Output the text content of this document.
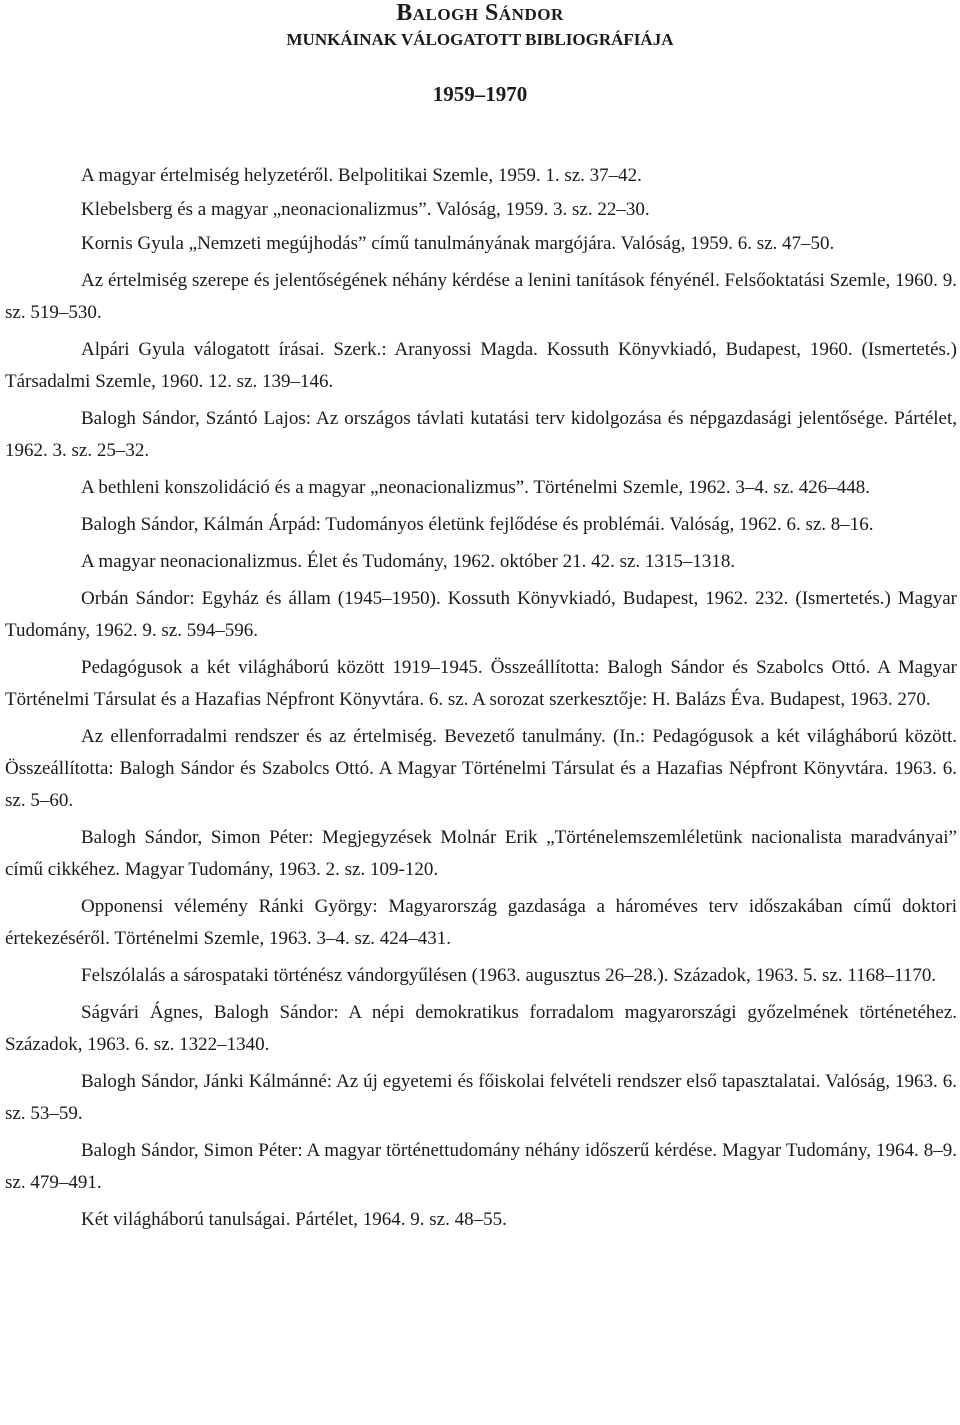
Balogh Sándor
MUNKÁINAK VÁLOGATOTT BIBLIOGRÁFIÁJA
1959–1970

A magyar értelmiség helyzetéről. Belpolitikai Szemle, 1959. 1. sz. 37–42.

Klebelsberg és a magyar „neonacionalizmus”. Valóság, 1959. 3. sz. 22–30.

Kornis Gyula „Nemzeti megújhodás” című tanulmányának margójára. Valóság, 1959. 6. sz. 47–50.

Az értelmiség szerepe és jelentőségének néhány kérdése a lenini tanítások fényénél. Felsőoktatási Szemle, 1960. 9. sz. 519–530.

Alpári Gyula válogatott írásai. Szerk.: Aranyossi Magda. Kossuth Könyvkiadó, Budapest, 1960. (Ismertetés.) Társadalmi Szemle, 1960. 12. sz. 139–146.

Balogh Sándor, Szántó Lajos: Az országos távlati kutatási terv kidolgozása és népgazdasági jelentősége. Pártélet, 1962. 3. sz. 25–32.

A bethleni konszolidáció és a magyar „neonacionalizmus”. Történelmi Szemle, 1962. 3–4. sz. 426–448.

Balogh Sándor, Kálmán Árpád: Tudományos életünk fejlődése és problémái. Valóság, 1962. 6. sz. 8–16.

A magyar neonacionalizmus. Élet és Tudomány, 1962. október 21. 42. sz. 1315–1318.

Orbán Sándor: Egyház és állam (1945–1950). Kossuth Könyvkiadó, Budapest, 1962. 232. (Ismertetés.) Magyar Tudomány, 1962. 9. sz. 594–596.

Pedagógusok a két világháború között 1919–1945. Összeállította: Balogh Sándor és Szabolcs Ottó. A Magyar Történelmi Társulat és a Hazafias Népfront Könyvtára. 6. sz. A sorozat szerkesztője: H. Balázs Éva. Budapest, 1963. 270.

Az ellenforradalmi rendszer és az értelmiség. Bevezető tanulmány. (In.: Pedagógusok a két világháború között. Összeállította: Balogh Sándor és Szabolcs Ottó. A Magyar Történelmi Társulat és a Hazafias Népfront Könyvtára. 1963. 6. sz. 5–60.

Balogh Sándor, Simon Péter: Megjegyzések Molnár Erik „Történelemszemléletünk nacionalista maradványai” című cikkéhez. Magyar Tudomány, 1963. 2. sz. 109-120.

Opponensi vélemény Ránki György: Magyarország gazdasága a hároméves terv időszakában című doktori értekezéséről. Történelmi Szemle, 1963. 3–4. sz. 424–431.

Felszólalás a sárospataki történész vándorgyűlésen (1963. augusztus 26–28.). Századok, 1963. 5. sz. 1168–1170.

Ságvári Ágnes, Balogh Sándor: A népi demokratikus forradalom magyarországi győzelmének történetéhez. Századok, 1963. 6. sz. 1322–1340.

Balogh Sándor, Jánki Kálmánné: Az új egyetemi és főiskolai felvételi rendszer első tapasztalatai. Valóság, 1963. 6. sz. 53–59.

Balogh Sándor, Simon Péter: A magyar történettudomány néhány időszerű kérdése. Magyar Tudomány, 1964. 8–9. sz. 479–491.

Két világháború tanulságai. Pártélet, 1964. 9. sz. 48–55.
